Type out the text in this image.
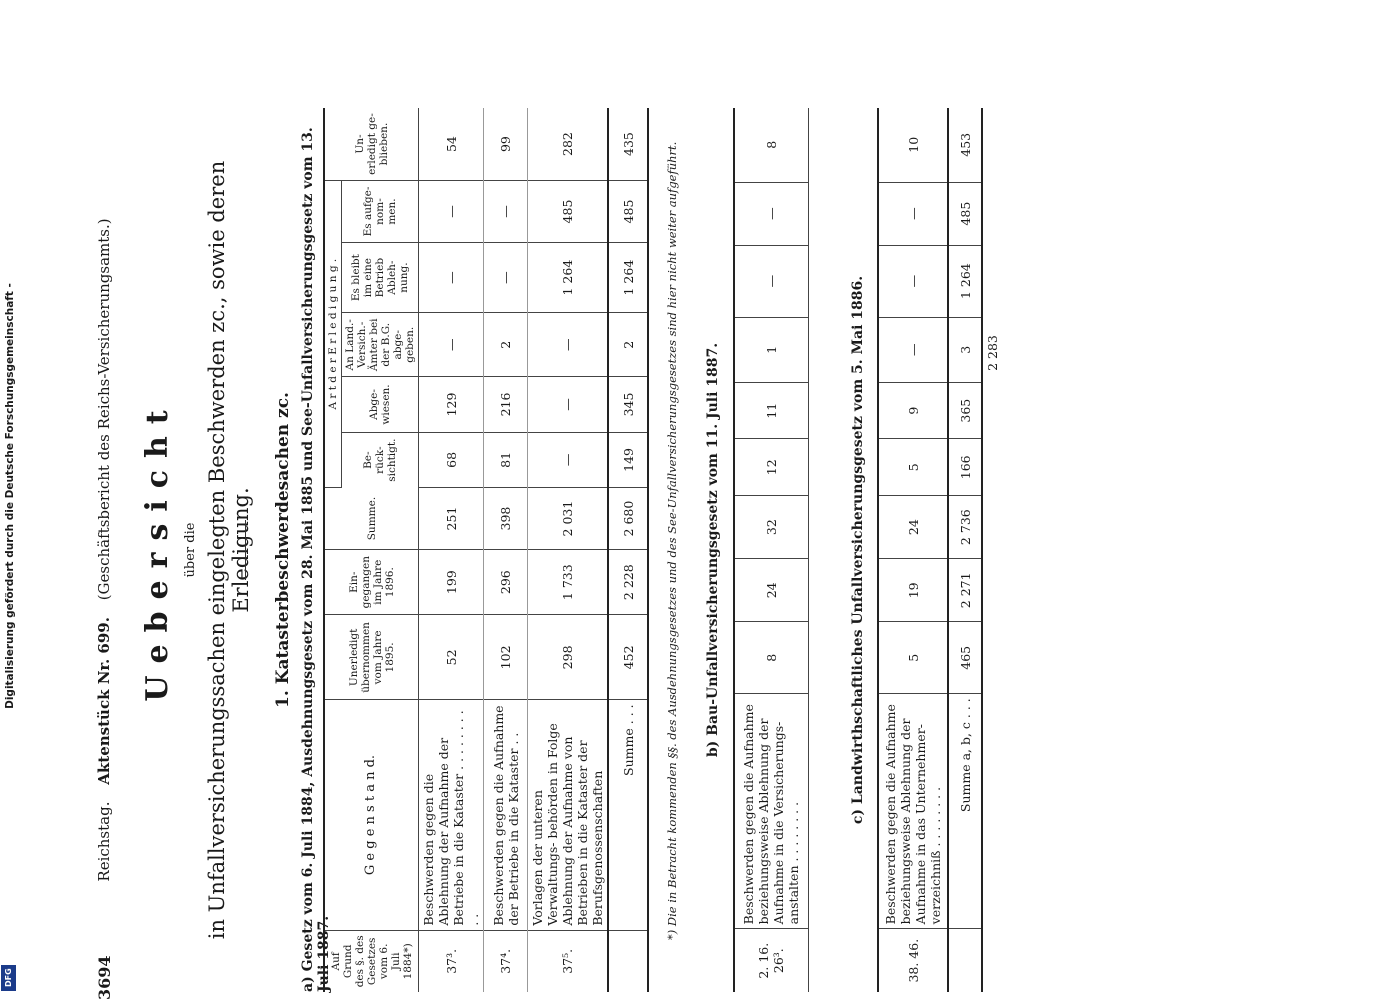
3694
Reichstag. Aktenstück Nr. 699. (Geschäftsbericht des Reichs-Versicherungsamts.) Uebersicht über die in Unfallversicherungssachen eingelegten Beschwerden zc., sowie deren Erledigung. 1. Katasterbeschwerdesachen zc. a) Gesetz vom 6. Juli 1884, Ausdehnungsgesetz vom 28. Mai 1885 und See-Unfallversicherungsgesetz vom 13. Juli 1887.
Auf Grund des §. des Gesetzes vom 6. Juli 1884*)	G e g e n s t a n d.	Unerledigt übernommen vom Jahre 1895.	Ein- gegangen im Jahre 1896.	Summe.	A r t d e r E r l e d i g u n g .					Un- erledigt ge- blieben.
					Be- rück- sichtigt.	Abge- wiesen.	An Land.- Versich.- Ämter bei der B.G. abge- geben.	Es bleibt im eine Betrieb Ableh- nung.	Es aufge- nom- men.	
37³.	Beschwerden gegen die Ablehnung der Aufnahme der Betriebe in die Kataster . . . . . . . . . .	52	199	251	68	129	—	—	—	54
37⁴.	Beschwerden gegen die Aufnahme der Betriebe in die Kataster . .	102	296	398	81	216	2	—	—	99
37⁵.	Vorlagen der unteren Verwaltungs- behörden in Folge Ablehnung der Aufnahme von Betrieben in die Kataster der Berufsgenossenschaften	298	1 733	2 031	—	—	—	1 264	485	282
	Summe . . .	452	2 228	2 680	149	345	2	1 264	485	435	*) Die in Betracht kommenden §§. des Ausdehnungsgesetzes und des See-Unfallversicherungsgesetzes sind hier nicht weiter aufgeführt. b) Bau-Unfallversicherungsgesetz vom 11. Juli 1887.
2. 16. 26³.	Beschwerden gegen die Aufnahme beziehungsweise Ablehnung der Aufnahme in die Versicherungs- anstalten . . . . . . . .	8	24	32	12	11	1	—	—	8
c) Landwirthschaftliches Unfallversicherungsgesetz vom 5. Mai 1886.
38. 46.	Beschwerden gegen die Aufnahme beziehungsweise Ablehnung der Aufnahme in das Unternehmer- verzeichniß . . . . . . . .	5	19	24	5	9	—	—	—	10
	Summe a, b, c . . .	465	2 271	2 736	166	365	3	1 264	485	453
2 283
Digitalisierung gefördert durch die Deutsche Forschungsgemeinschaft -
DFG
